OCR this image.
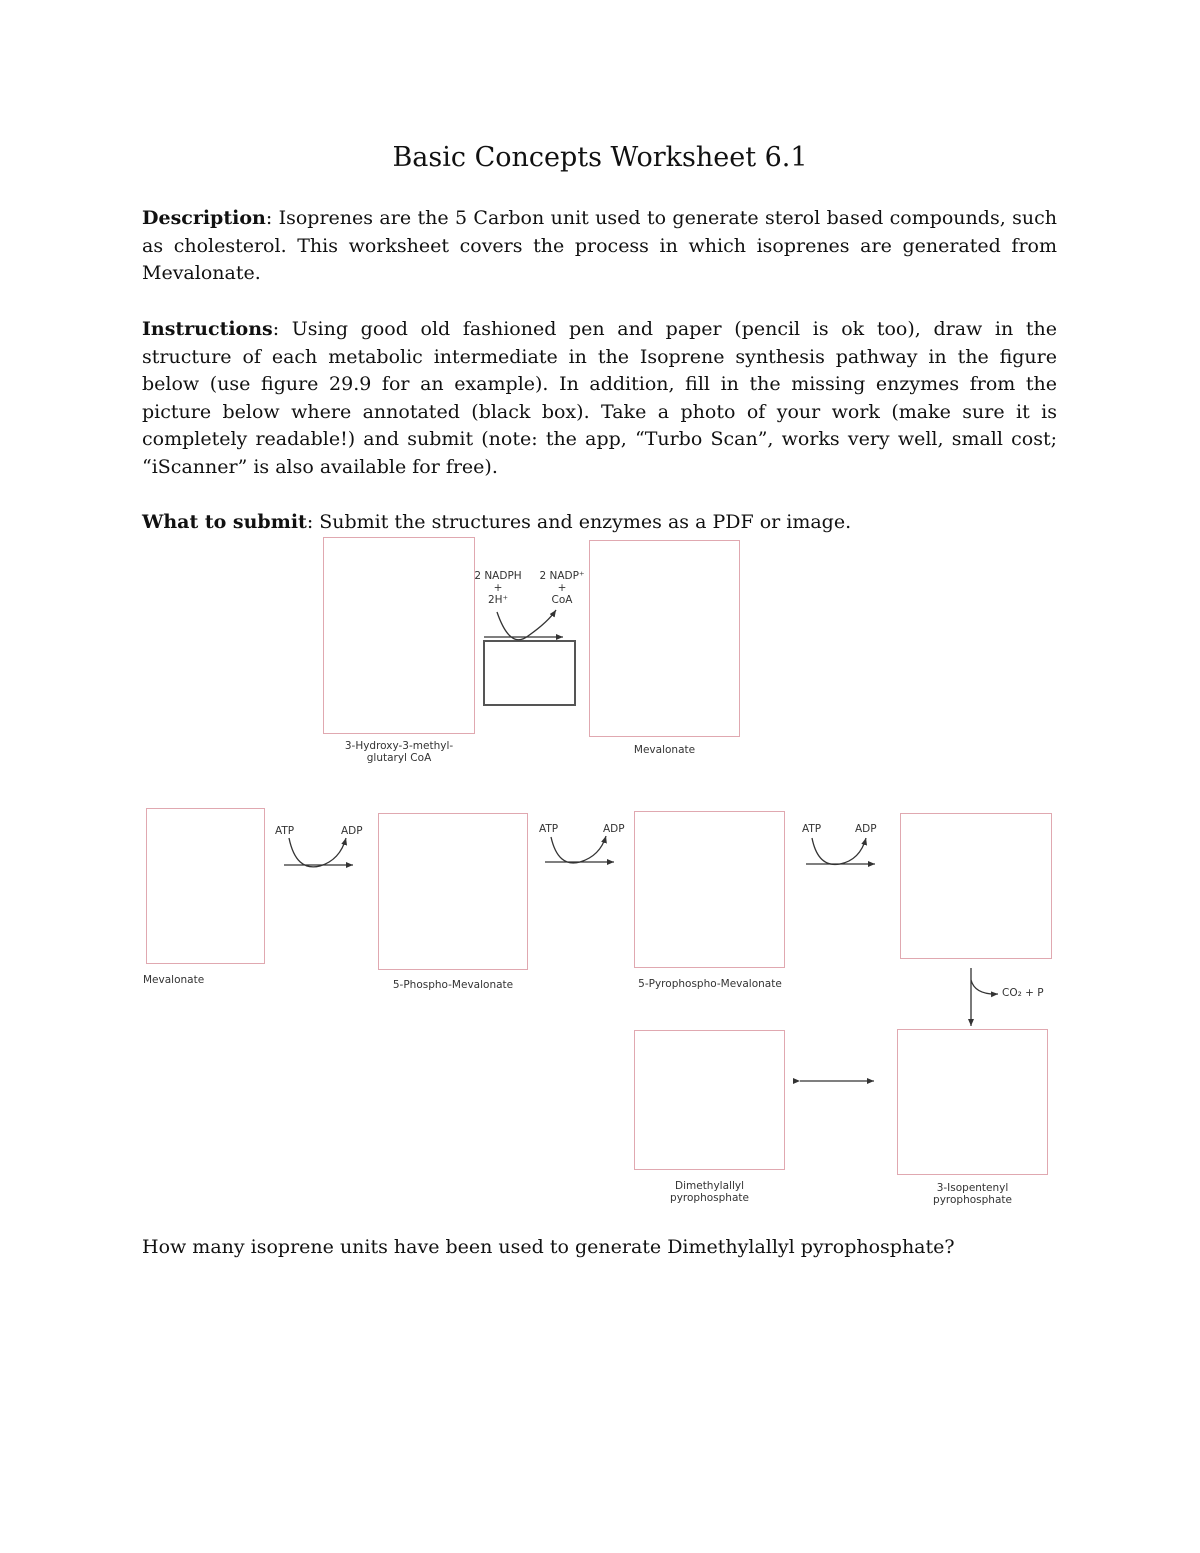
Basic Concepts Worksheet 6.1
Description: Isoprenes are the 5 Carbon unit used to generate sterol based compounds, such as cholesterol. This worksheet covers the process in which isoprenes are generated from Mevalonate.
Instructions: Using good old fashioned pen and paper (pencil is ok too), draw in the structure of each metabolic intermediate in the Isoprene synthesis pathway in the figure below (use figure 29.9 for an example). In addition, fill in the missing enzymes from the picture below where annotated (black box). Take a photo of your work (make sure it is completely readable!) and submit (note: the app, “Turbo Scan”, works very well, small cost; “iScanner” is also available for free).
What to submit: Submit the structures and enzymes as a PDF or image.
3-Hydroxy-3-methyl-
glutaryl CoA
Mevalonate
2 NADPH
+
2H⁺
2 NADP⁺
+
CoA
Mevalonate	5-Phospho-Mevalonate	5-Pyrophospho-Mevalonate
ATP	ADP	ATP	ADP	ATP	ADP
CO₂ + P
Dimethylallyl
pyrophosphate
3-Isopentenyl
pyrophosphate
How many isoprene units have been used to generate Dimethylallyl pyrophosphate?
